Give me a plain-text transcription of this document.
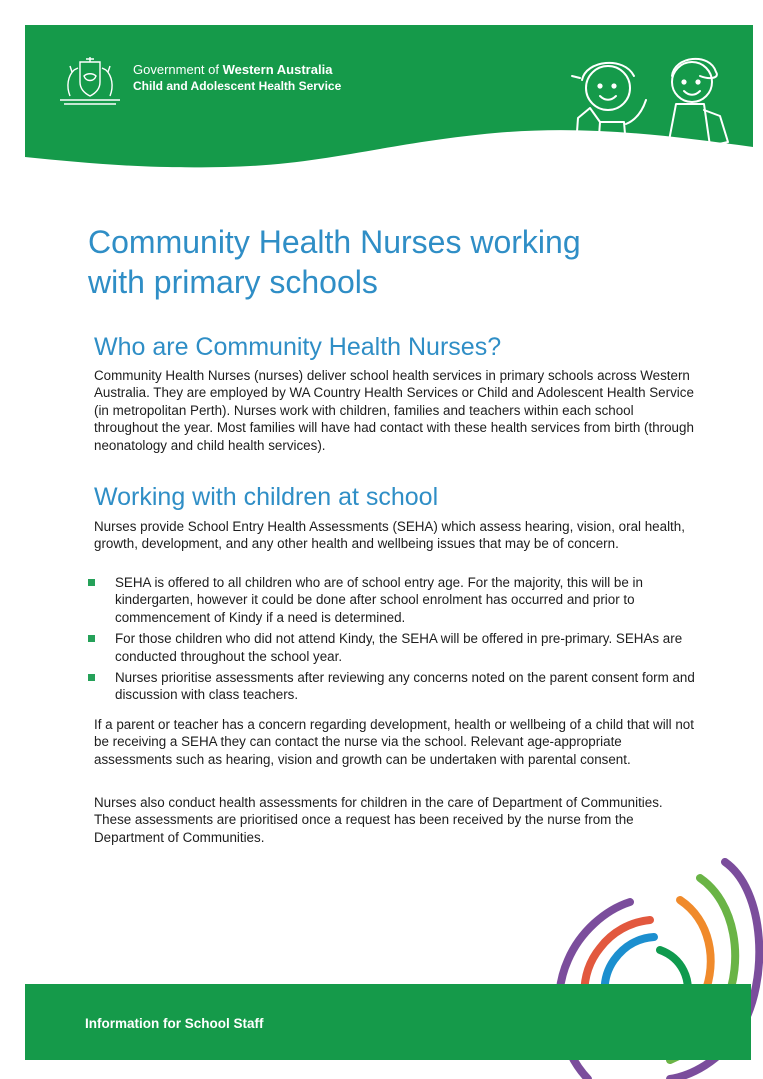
Government of Western Australia
Child and Adolescent Health Service
Community Health Nurses working
with primary schools
Who are Community Health Nurses?

Community Health Nurses (nurses) deliver school health services in primary schools across Western Australia. They are employed by WA Country Health Services or Child and Adolescent Health Service (in metropolitan Perth). Nurses work with children, families and teachers within each school throughout the year. Most families will have had contact with these health services from birth (through neonatology and child health services).

Working with children at school

Nurses provide School Entry Health Assessments (SEHA) which assess hearing, vision, oral health, growth, development, and any other health and wellbeing issues that may be of concern.

SEHA is offered to all children who are of school entry age. For the majority, this will be in kindergarten, however it could be done after school enrolment has occurred and prior to commencement of Kindy if a need is determined.
For those children who did not attend Kindy, the SEHA will be offered in pre-primary. SEHAs are conducted throughout the school year.
Nurses prioritise assessments after reviewing any concerns noted on the parent consent form and discussion with class teachers.

If a parent or teacher has a concern regarding development, health or wellbeing of a child that will not be receiving a SEHA they can contact the nurse via the school. Relevant age-appropriate assessments such as hearing, vision and growth can be undertaken with parental consent.

Nurses also conduct health assessments for children in the care of Department of Communities. These assessments are prioritised once a request has been received by the nurse from the Department of Communities.

Information for School Staff
